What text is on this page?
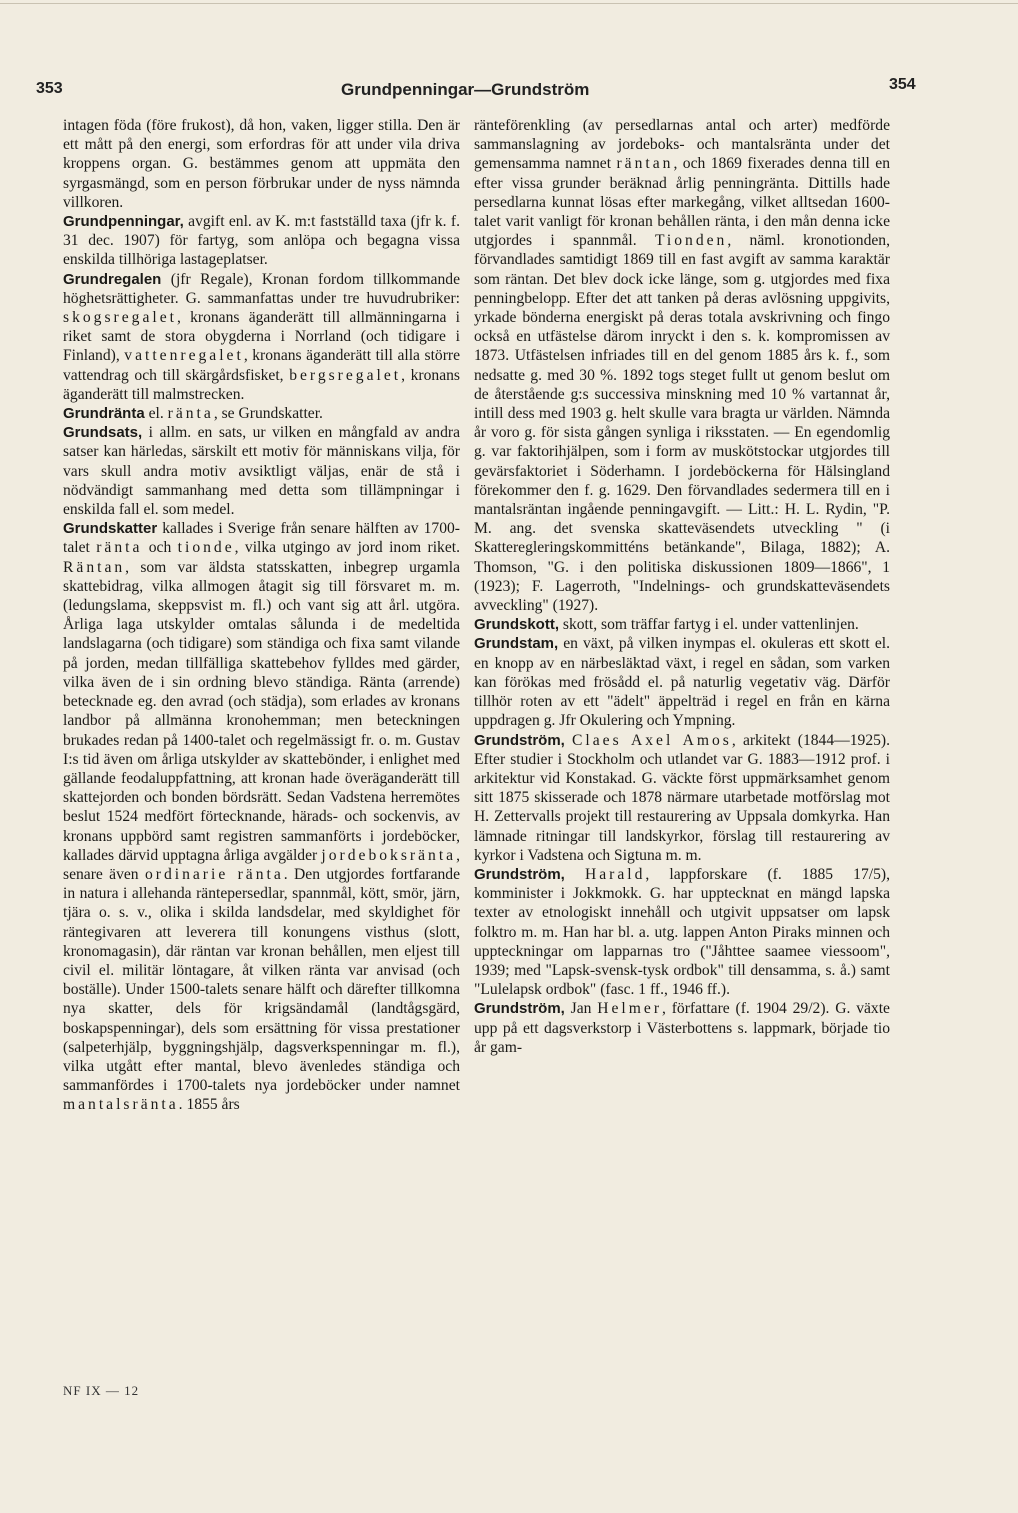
353	Grundpenningar—Grundström	354

intagen föda (före frukost), då hon, vaken, ligger stilla. Den är ett mått på den energi, som erfordras för att under vila driva kroppens organ. G. bestämmes genom att uppmäta den syrgasmängd, som en person förbrukar under de nyss nämnda villkoren.

Grundpenningar, avgift enl. av K. m:t fastställd taxa (jfr k. f. 31 dec. 1907) för fartyg, som anlöpa och begagna vissa enskilda tillhöriga lastageplatser.

Grundregalen (jfr Regale), Kronan fordom tillkommande höghetsrättigheter. G. sammanfattas under tre huvudrubriker: skogsregalet, kronans äganderätt till allmänningarna i riket samt de stora obygderna i Norrland (och tidigare i Finland), vattenregalet, kronans äganderätt till alla större vattendrag och till skärgårdsfisket, bergsregalet, kronans äganderätt till malmstrecken.

Grundränta el. ränta, se Grundskatter.

Grundsats, i allm. en sats, ur vilken en mångfald av andra satser kan härledas, särskilt ett motiv för människans vilja, för vars skull andra motiv avsiktligt väljas, enär de stå i nödvändigt sammanhang med detta som tillämpningar i enskilda fall el. som medel.

Grundskatter kallades i Sverige från senare hälften av 1700-talet ränta och tionde, vilka utgingo av jord inom riket. Räntan, som var äldsta statsskatten, inbegrep urgamla skattebidrag, vilka allmogen åtagit sig till försvaret m. m. (ledungslama, skeppsvist m. fl.) och vant sig att årl. utgöra. Årliga laga utskylder omtalas sålunda i de medeltida landslagarna (och tidigare) som ständiga och fixa samt vilande på jorden, medan tillfälliga skattebehov fylldes med gärder, vilka även de i sin ordning blevo ständiga. Ränta (arrende) betecknade eg. den avrad (och städja), som erlades av kronans landbor på allmänna kronohemman; men beteckningen brukades redan på 1400-talet och regelmässigt fr. o. m. Gustav I:s tid även om årliga utskylder av skattebönder, i enlighet med gällande feodaluppfattning, att kronan hade överäganderätt till skattejorden och bonden bördsrätt. Sedan Vadstena herremötes beslut 1524 medfört förtecknande, härads- och sockenvis, av kronans uppbörd samt registren sammanförts i jordeböcker, kallades därvid upptagna årliga avgälder jordeboksränta, senare även ordinarie ränta. Den utgjordes fortfarande in natura i allehanda räntepersedlar, spannmål, kött, smör, järn, tjära o. s. v., olika i skilda landsdelar, med skyldighet för räntegivaren att leverera till konungens visthus (slott, kronomagasin), där räntan var kronan behållen, men eljest till civil el. militär löntagare, åt vilken ränta var anvisad (och boställe). Under 1500-talets senare hälft och därefter tillkomna nya skatter, dels för krigsändamål (landtågsgärd, boskapspenningar), dels som ersättning för vissa prestationer (salpeterhjälp, byggningshjälp, dagsverkspenningar m. fl.), vilka utgått efter mantal, blevo ävenledes ständiga och sammanfördes i 1700-talets nya jordeböcker under namnet mantalsränta. 1855 års

NF IX — 12

ränteförenkling (av persedlarnas antal och arter) medförde sammanslagning av jordeboks- och mantalsränta under det gemensamma namnet räntan, och 1869 fixerades denna till en efter vissa grunder beräknad årlig penningränta. Dittills hade persedlarna kunnat lösas efter markegång, vilket alltsedan 1600-talet varit vanligt för kronan behållen ränta, i den mån denna icke utgjordes i spannmål. Tionden, näml. kronotionden, förvandlades samtidigt 1869 till en fast avgift av samma karaktär som räntan. Det blev dock icke länge, som g. utgjordes med fixa penningbelopp. Efter det att tanken på deras avlösning uppgivits, yrkade bönderna energiskt på deras totala avskrivning och fingo också en utfästelse därom inryckt i den s. k. kompromissen av 1873. Utfästelsen infriades till en del genom 1885 års k. f., som nedsatte g. med 30 %. 1892 togs steget fullt ut genom beslut om de återstående g:s successiva minskning med 10 % vartannat år, intill dess med 1903 g. helt skulle vara bragta ur världen. Nämnda år voro g. för sista gången synliga i riksstaten. — En egendomlig g. var faktorihjälpen, som i form av muskötstockar utgjordes till gevärsfaktoriet i Söderhamn. I jordeböckerna för Hälsingland förekommer den f. g. 1629. Den förvandlades sedermera till en i mantalsräntan ingående penningavgift. — Litt.: H. L. Rydin, "P. M. ang. det svenska skatteväsendets utveckling " (i Skatteregleringskommitténs betänkande", Bilaga, 1882); A. Thomson, "G. i den politiska diskussionen 1809—1866", 1 (1923); F. Lagerroth, "Indelnings- och grundskatteväsendets avveckling" (1927).

Grundskott, skott, som träffar fartyg i el. under vattenlinjen.

Grundstam, en växt, på vilken inympas el. okuleras ett skott el. en knopp av en närbesläktad växt, i regel en sådan, som varken kan förökas med frösådd el. på naturlig vegetativ väg. Därför tillhör roten av ett "ädelt" äppelträd i regel en från en kärna uppdragen g. Jfr Okulering och Ympning.

Grundström, Claes Axel Amos, arkitekt (1844—1925). Efter studier i Stockholm och utlandet var G. 1883—1912 prof. i arkitektur vid Konstakad. G. väckte först uppmärksamhet genom sitt 1875 skisserade och 1878 närmare utarbetade motförslag mot H. Zettervalls projekt till restaurering av Uppsala domkyrka. Han lämnade ritningar till landskyrkor, förslag till restaurering av kyrkor i Vadstena och Sigtuna m. m.

Grundström, Harald, lappforskare (f. 1885 17/5), komminister i Jokkmokk. G. har upptecknat en mängd lapska texter av etnologiskt innehåll och utgivit uppsatser om lapsk folktro m. m. Han har bl. a. utg. lappen Anton Piraks minnen och uppteckningar om lapparnas tro ("Jåhttee saamee viessoom", 1939; med "Lapsk-svensk-tysk ordbok" till densamma, s. å.) samt "Lulelapsk ordbok" (fasc. 1 ff., 1946 ff.).

Grundström, Jan Helmer, författare (f. 1904 29/2). G. växte upp på ett dagsverkstorp i Västerbottens s. lappmark, började tio år gam-
